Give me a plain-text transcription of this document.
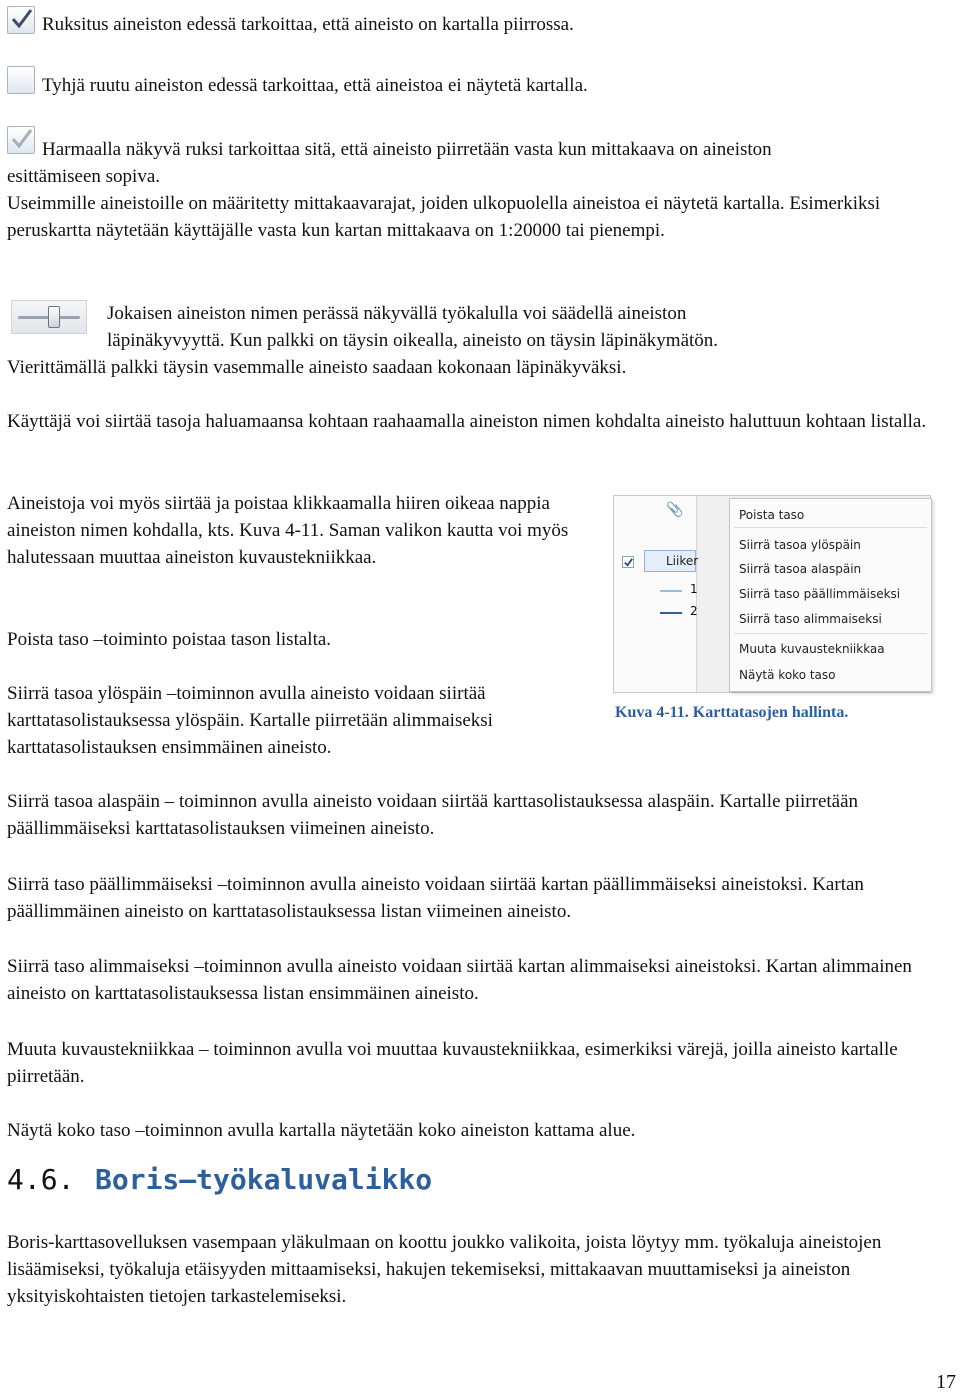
Ruksitus aineiston edessä tarkoittaa, että aineisto on kartalla piirrossa.

Tyhjä ruutu aineiston edessä tarkoittaa, että aineistoa ei näytetä kartalla.

Harmaalla näkyvä ruksi tarkoittaa sitä, että aineisto piirretään vasta kun mittakaava on aineiston

esittämiseen sopiva.

Useimmille aineistoille on määritetty mittakaavarajat, joiden ulkopuolella aineistoa ei näytetä kartalla. Esimerkiksi peruskartta näytetään käyttäjälle vasta kun kartan mittakaava on 1:20000 tai pienempi.

Jokaisen aineiston nimen perässä näkyvällä työkalulla voi säädellä aineiston

läpinäkyvyyttä. Kun palkki on täysin oikealla, aineisto on täysin läpinäkymätön.

Vierittämällä palkki täysin vasemmalle aineisto saadaan kokonaan läpinäkyväksi.

Käyttäjä voi siirtää tasoja haluamaansa kohtaan raahaamalla aineiston nimen kohdalta aineisto haluttuun kohtaan listalla.

Aineistoja voi myös siirtää ja poistaa klikkaamalla hiiren oikeaa nappia aineiston nimen kohdalla, kts. Kuva 4-11. Saman valikon kautta voi myös halutessaan muuttaa aineiston kuvaustekniikkaa.

Poista taso –toiminto poistaa tason listalta.

Siirrä tasoa ylöspäin –toiminnon avulla aineisto voidaan siirtää karttatasolistauksessa ylöspäin. Kartalle piirretään alimmaiseksi karttatasolistauksen ensimmäinen aineisto.

📎
Liiker
1
2
Poista taso
Siirrä tasoa ylöspäin
Siirrä tasoa alaspäin
Siirrä taso päällimmäiseksi
Siirrä taso alimmaiseksi
Muuta kuvaustekniikkaa
Näytä koko taso
Kuva 4-11. Karttatasojen hallinta.

Siirrä tasoa alaspäin – toiminnon avulla aineisto voidaan siirtää karttasolistauksessa alaspäin. Kartalle piirretään päällimmäiseksi karttatasolistauksen viimeinen aineisto.

Siirrä taso päällimmäiseksi –toiminnon avulla aineisto voidaan siirtää kartan päällimmäiseksi aineistoksi. Kartan päällimmäinen aineisto on karttatasolistauksessa listan viimeinen aineisto.

Siirrä taso alimmaiseksi –toiminnon avulla aineisto voidaan siirtää kartan alimmaiseksi aineistoksi. Kartan alimmainen aineisto on karttatasolistauksessa listan ensimmäinen aineisto.

Muuta kuvaustekniikkaa – toiminnon avulla voi muuttaa kuvaustekniikkaa, esimerkiksi värejä, joilla aineisto kartalle piirretään.

Näytä koko taso –toiminnon avulla kartalla näytetään koko aineiston kattama alue.

4.6. Boris–työkaluvalikko

Boris-karttasovelluksen vasempaan yläkulmaan on koottu joukko valikoita, joista löytyy mm. työkaluja aineistojen lisäämiseksi, työkaluja etäisyyden mittaamiseksi, hakujen tekemiseksi, mittakaavan muuttamiseksi ja aineiston yksityiskohtaisten tietojen tarkastelemiseksi.

17
